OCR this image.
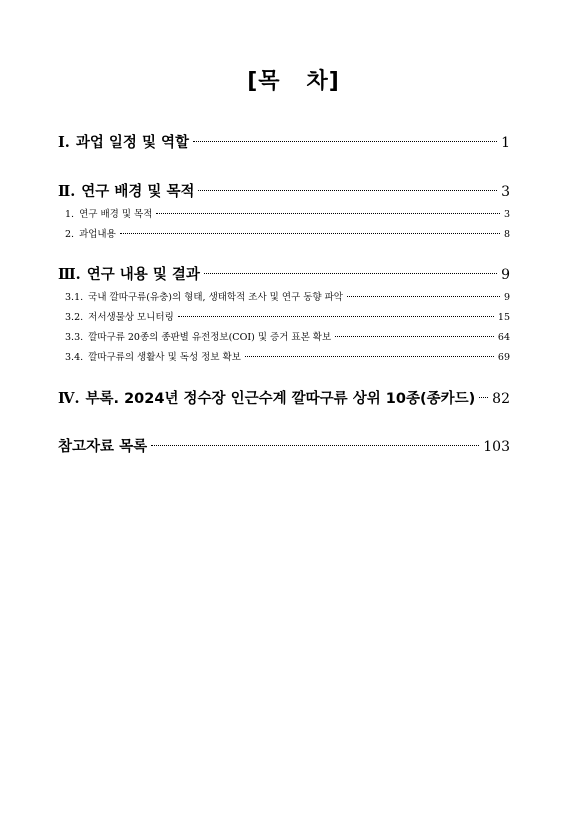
[목   차]
Ⅰ. 과업 일정 및 역할	1
Ⅱ. 연구 배경 및 목적	3
1. 연구 배경 및 목적	3
2. 과업내용	8
Ⅲ. 연구 내용 및 결과	9
3.1. 국내 깔따구류(유충)의 형태, 생태학적 조사 및 연구 동향 파악	9
3.2. 저서생물상 모니터링	15
3.3. 깔따구류 20종의 종판별 유전정보(COI) 및 증거 표본 확보	64
3.4. 깔따구류의 생활사 및 독성 정보 확보	69
Ⅳ. 부록. 2024년 정수장 인근수계 깔따구류 상위 10종(종카드) 82
참고자료 목록	103
